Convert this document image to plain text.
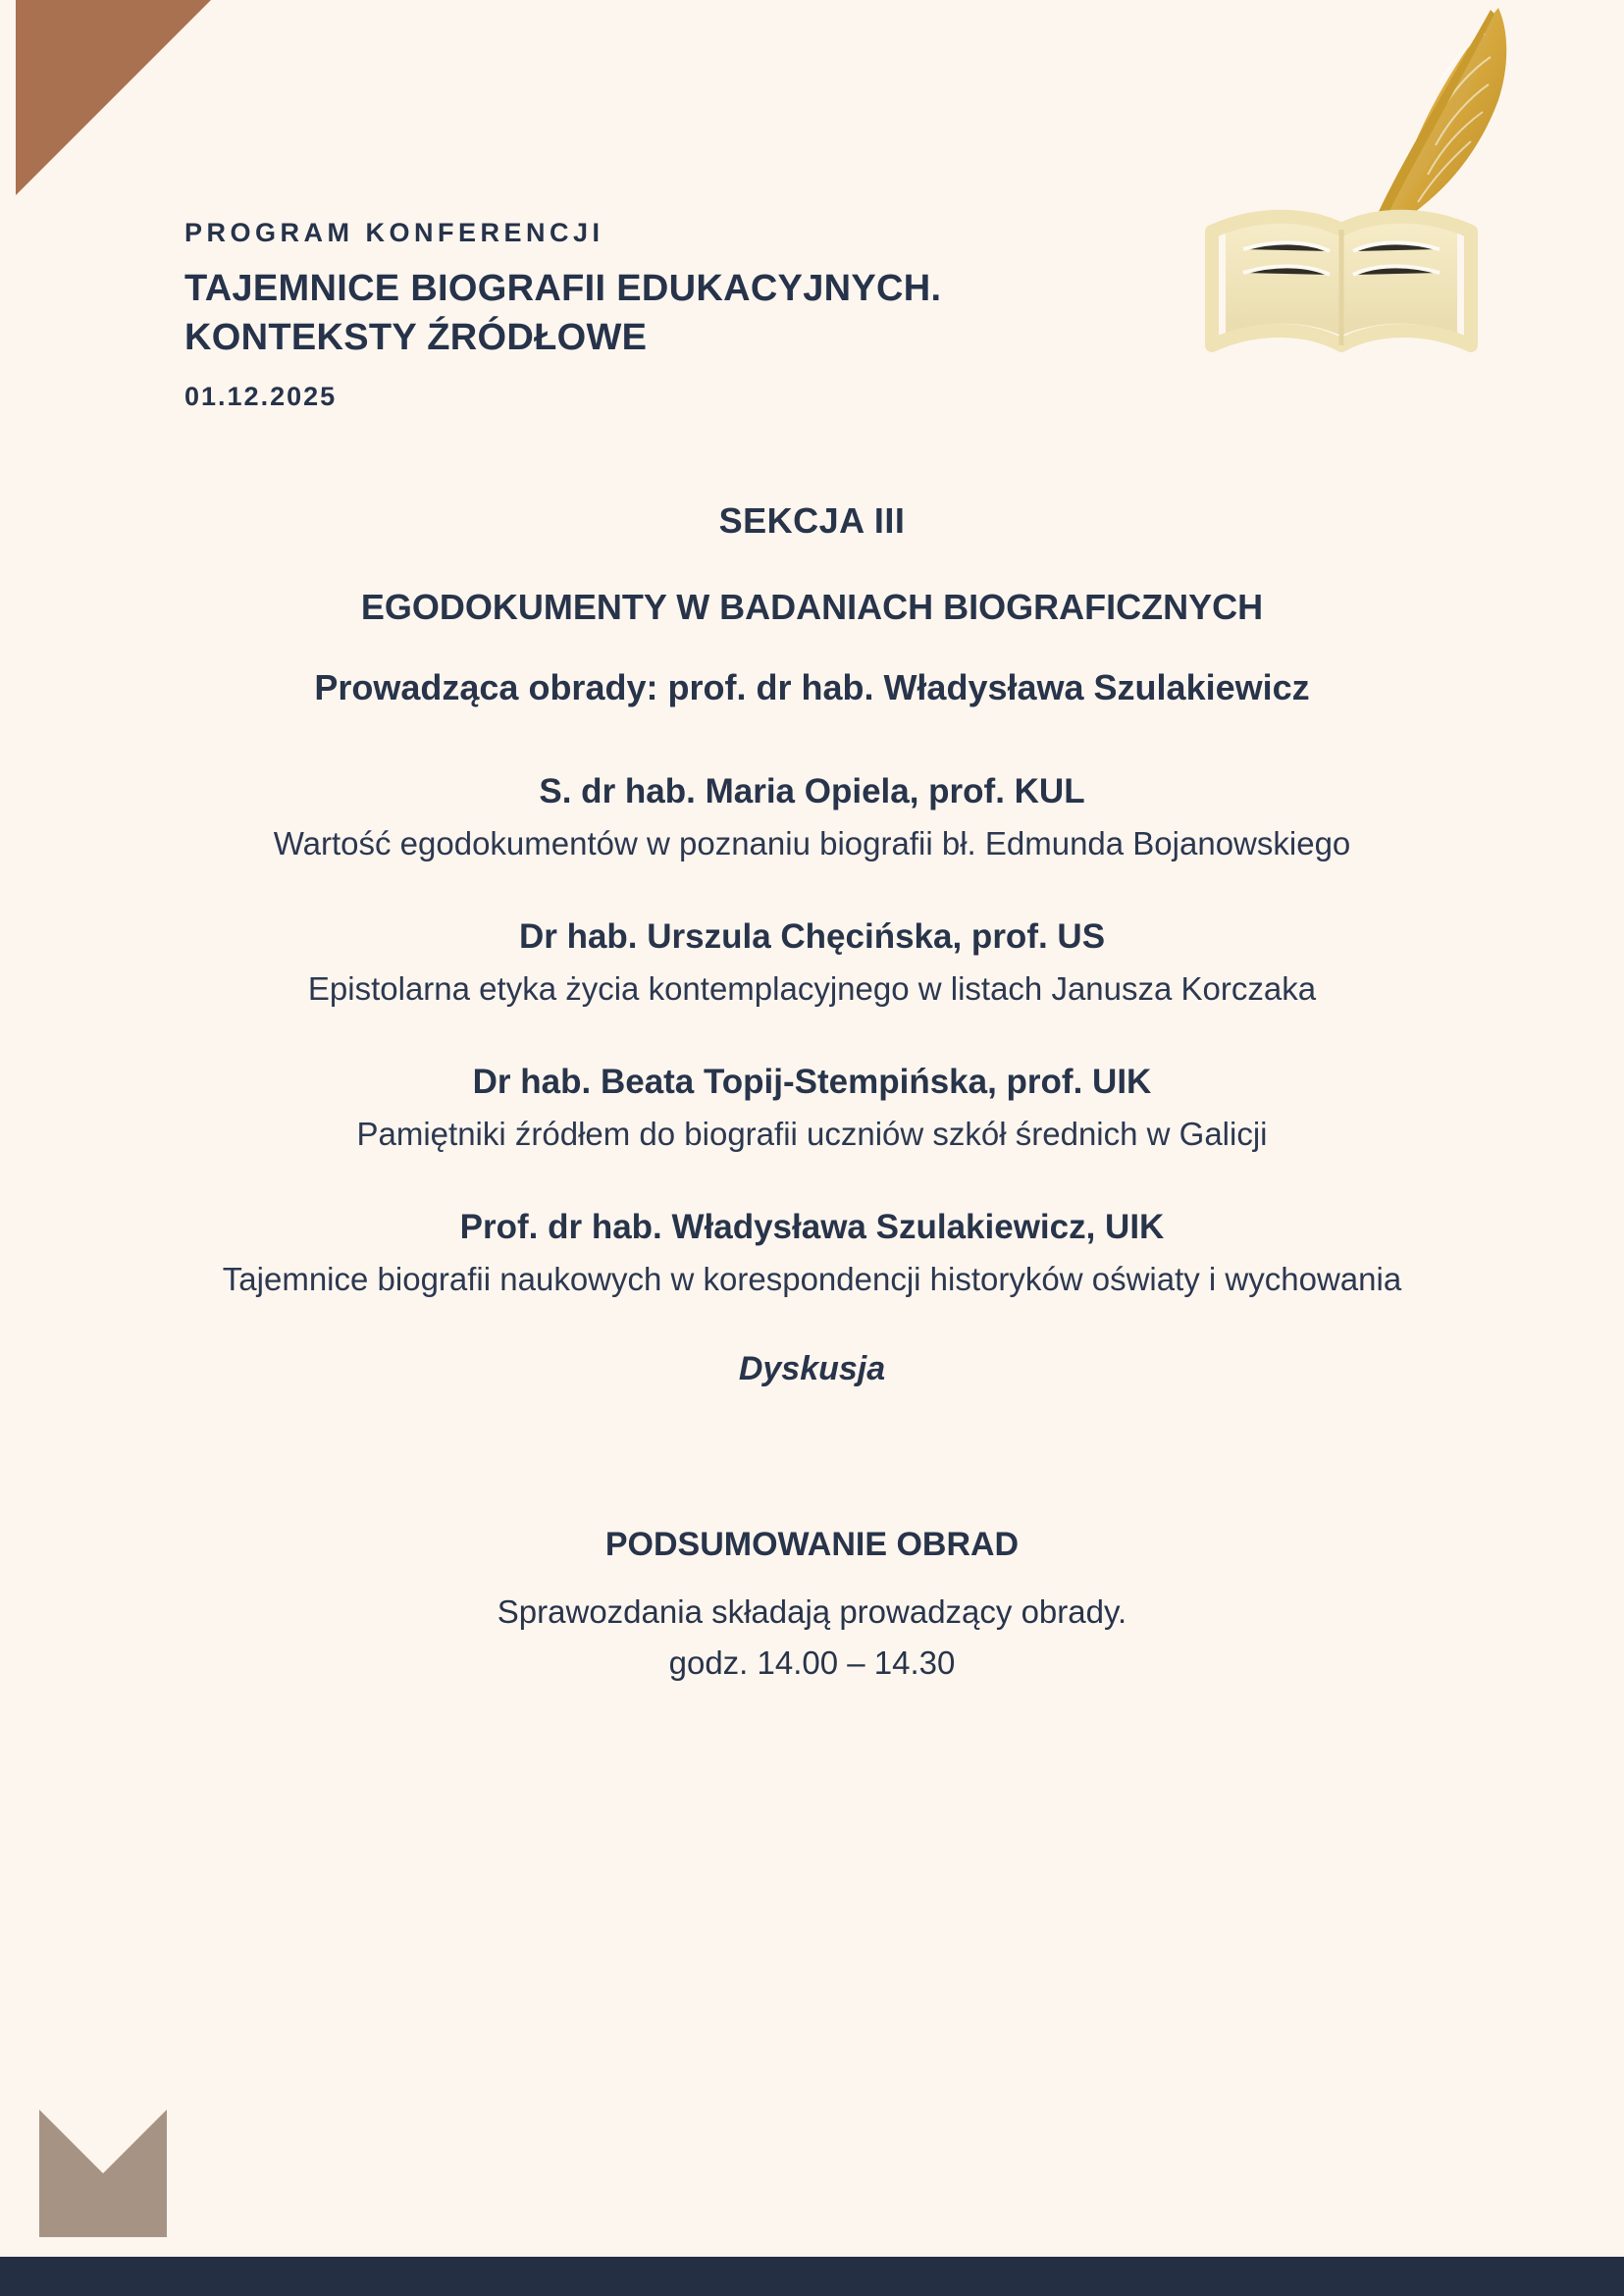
PROGRAM KONFERENCJI
TAJEMNICE BIOGRAFII EDUKACYJNYCH. KONTEKSTY ŹRÓDŁOWE
01.12.2025
SEKCJA III
EGODOKUMENTY W BADANIACH BIOGRAFICZNYCH
Prowadząca obrady: prof. dr hab. Władysława Szulakiewicz
S. dr hab. Maria Opiela, prof. KUL
Wartość egodokumentów w poznaniu biografii bł. Edmunda Bojanowskiego
Dr hab. Urszula Chęcińska, prof. US
Epistolarna etyka życia kontemplacyjnego w listach Janusza Korczaka
Dr hab. Beata Topij-Stempińska, prof. UIK
Pamiętniki źródłem do biografii uczniów szkół średnich w Galicji
Prof. dr hab. Władysława Szulakiewicz, UIK
Tajemnice biografii naukowych w korespondencji historyków oświaty i wychowania
Dyskusja
PODSUMOWANIE OBRAD
Sprawozdania składają prowadzący obrady.
godz. 14.00 – 14.30
